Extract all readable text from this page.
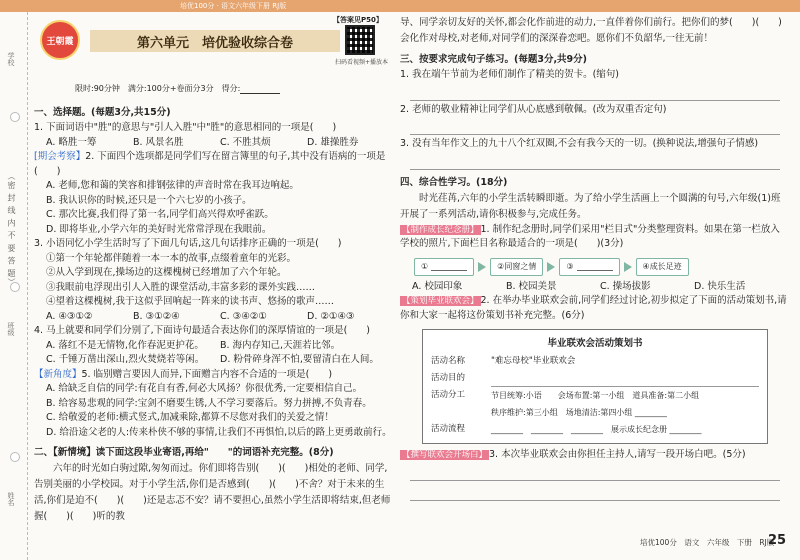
培优100分 · 语文六年级下册 RJ版
（密 封 线 内 不 要 答 题）
学校
班级
姓名
王朝霞	第六单元　培优验收综合卷
【答案见P50】
扫码看视频+播放本
限时:90分钟　 满分:100分+卷面分3分　 得分:
一、选择题。(每题3分,共15分)
1. 下面词语中"胜"的意思与"引人入胜"中"胜"的意思相同的一项是(　　)
A. 略胜一筹	B. 风景名胜	C. 不胜其烦	D. 雄操胜券
[期会考察】2. 下面四个选项都是同学们写在留言簿里的句子,其中没有语病的一项是(　　)
A. 老师,您和蔼的笑容和排钢弦律的声音时常在我耳边响起。
B. 我认识你的时候,还只是一个六七岁的小孩子。
C. 那次比赛,我们得了第一名,同学们高兴得欢呼雀跃。
D. 即将毕业,小学六年的美好时光常常浮现在我眼前。
3. 小语同忆小学生活时写了下面几句话,这几句话排序正确的一项是(　　)
①第一个年轮都伴随着一本一本的故事,点缀着童年的光彩。
②从入学到现在,操场边的这棵槐树已经增加了六个年轮。
③我眼前电浮现出引人入胜的课堂活动,丰富多彩的课外实践……
④望着这棵槐树,我于这似乎回响起一阵来的读书声、悠扬的歌声……
A. ④③①②	B. ③①②④	C. ③④②①	D. ②①④③
4. 马上就要和同学们分别了,下面诗句最适合表达你们的深厚情谊的一项是(　　)
A. 落红不是无情物,化作春泥更护花。	B. 海内存知己,天涯若比邻。
C. 千锤万凿出深山,烈火焚烧若等闲。	D. 粉骨碎身浑不怕,要留清白在人间。
【新角度】5. 临别赠言要因人而异,下面赠言内容不合适的一项是(　　)
A. 给缺乏自信的同学:有花自有香,何必大风扬？你很优秀,一定要相信自己。
B. 给容易悲观的同学:宝剑不磨要生锈,人不学习要落后。努力拼搏,不负青春。
C. 给敬爱的老师:横式竖式,加减乘除,都算不尽您对我们的关爱之情！
D. 给沿途父老的人:传来朴侠不够的事情,让我们不再惧怕,以后的路上更勇敢前行。
二、【新情境】读下面这段毕业寄语,再给"　　"的词语补充完整。(8分)
六年的时光如白驹过隙,匆匆而过。你们即将告别(　　)(　　)相处的老师、同学,告别美丽的小学校园。对于小学生活,你们是否感到(　　)(　　)不舍？对于未来的生活,你们是迫不(　　)(　　)还是志忑不安？请不要担心,虽然小学生活即将结束,但老师握(　　)(　　)听的教
导、同学亲切友好的关怀,都会化作前进的动力,一直伴着你们前行。把你们的梦(　　)(　　)会化作对母校,对老师,对同学们的深深眷恋吧。愿你们不负韶华,一往无前！
三、按要求完成句子练习。(每题3分,共9分)
1. 我在端午节前为老师们制作了精美的贺卡。(缩句)
2. 老师的敬业精神让同学们从心底感到敬佩。(改为双重否定句)
3. 没有当年作文上的九十八个红双圈,不会有我今天的一切。(换种说法,增强句子情感)
四、综合性学习。(18分)
时光荏苒,六年的小学生活转瞬即逝。为了给小学生活画上一个圆满的句号,六年级(1)班开展了一系列活动,请你积极参与,完成任务。
【制作成长纪念册】 1. 制作纪念册时,同学们采用"栏目式"分类整理资料。如果在第一栏放入学校的照片,下面栏目名称最适合的一项是(　　)(3分)
①	②同窗之情	③	④成长足迹
A. 校园印象	B. 校园美景	C. 操场拔影	D. 快乐生活
【策划毕业联欢会】 2. 在举办毕业联欢会前,同学们经过讨论,初步拟定了下面的活动策划书,请你和大家一起将这份策划书补充完整。(6分)
毕业联欢会活动策划书
活动名称	"难忘母校"毕业联欢会
活动目的
活动分工	节目统筹:小语　　会场布置:第一小组　道具准备:第二小组
秩序维护:第三小组　场地清洁:第四小组 ________
活动流程	________　________　________　展示成长纪念册 ________
【撰写联欢会开场白】 3. 本次毕业联欢会由你担任主持人,请写一段开场白吧。(5分)
培优100分　语文　六年级　下册　RJ版
25
